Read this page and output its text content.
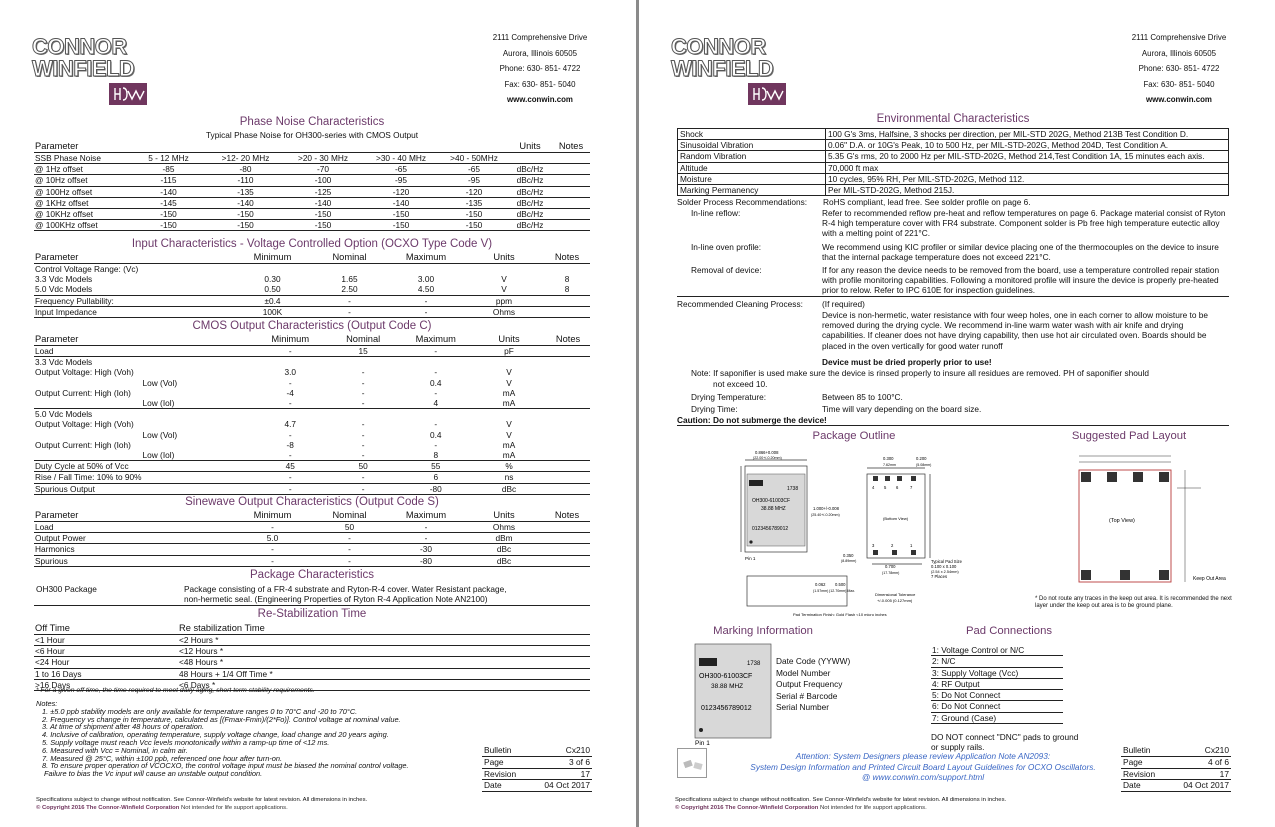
CONNOR
WINFIELD
2111 Comprehensive Drive
Aurora, Illinois 60505
Phone: 630- 851- 4722
Fax: 630- 851- 5040
www.conwin.com
Phase Noise Characteristics
Typical Phase Noise for OH300-series with CMOS Output
Parameter						Units	Notes
SSB Phase Noise	5 - 12 MHz	>12- 20 MHz	>20 - 30 MHz	>30 - 40 MHz	>40 - 50MHz		
@ 1Hz offset	-85	-80	-70	-65	-65	dBc/Hz	
@ 10Hz offset	-115	-110	-100	-95	-95	dBc/Hz	
@ 100Hz offset	-140	-135	-125	-120	-120	dBc/Hz	
@ 1KHz offset	-145	-140	-140	-140	-135	dBc/Hz	
@ 10KHz offset	-150	-150	-150	-150	-150	dBc/Hz	
@ 100KHz offset	-150	-150	-150	-150	-150	dBc/Hz	
Input Characteristics - Voltage Controlled Option (OCXO Type Code V)
Parameter	Minimum	Nominal	Maximum	Units	Notes
Control Voltage Range: (Vc)					
3.3 Vdc Models	0.30	1.65	3.00	V	8
5.0 Vdc Models	0.50	2.50	4.50	V	8
Frequency Pullability:	±0.4	-	-	ppm	
Input Impedance	100K	-	-	Ohms	
CMOS Output Characteristics (Output Code C)
Parameter		Minimum	Nominal	Maximum	Units	Notes
Load		-	15	-	pF	
3.3 Vdc Models						
Output Voltage: High (Voh)		3.0	-	-	V	
	Low (Vol)	-	-	0.4	V	
Output Current: High (Ioh)		-4	-	-	mA	
	Low (Iol)	-	-	4	mA	
5.0 Vdc Models						
Output Voltage: High (Voh)		4.7	-	-	V	
	Low (Vol)	-	-	0.4	V	
Output Current: High (Ioh)		-8	-	-	mA	
	Low (Iol)	-	-	8	mA	
Duty Cycle at 50% of Vcc		45	50	55	%	
Rise / Fall Time: 10% to 90%		-	-	6	ns	
Spurious Output		-	-	-80	dBc	
Sinewave Output Characteristics (Output Code S)
Parameter	Minimum	Nominal	Maximum	Units	Notes
Load	-	50	-	Ohms	
Output Power	5.0	-	-	dBm	
Harmonics	-	-	-30	dBc	
Spurious	-	-	-80	dBc	
Package Characteristics
OH300 Package	Package consisting of a FR-4 substrate and Ryton-R-4 cover. Water Resistant package,
non-hermetic seal. (Engineering Properties of Ryton R-4 Application Note AN2100)
Re-Stabilization Time
Off Time	Re stabilization Time
<1 Hour	<2 Hours *
<6 Hour	<12 Hours *
<24 Hour	<48 Hours *
1 to 16 Days	48 Hours + 1/4 Off Time *
>16 Days	<6 Days *
* For a given off time, the time required to meet daily aging, short term stability requirements.
Notes:
1. ±5.0 ppb stability models are only available for temperature ranges 0 to 70°C and -20 to 70°C.
2. Frequency vs change in temperature, calculated as [(Fmax-Fmin)/(2*Fo)]. Control voltage at nominal value.
3. At time of shipment after 48 hours of operation.
4. Inclusive of calibration, operating temperature, supply voltage change, load change and 20 years aging.
5. Supply voltage must reach Vcc levels monotonically within a ramp-up time of <12 ms.
6. Measured with Vcc = Nominal, in calm air.
7. Measured @ 25°C, within ±100 ppb, referenced one hour after turn-on.
8. To ensure proper operation of VCOCXO, the control voltage input must be biased the nominal control voltage.
Failure to bias the Vc input will cause an unstable output condition.
Bulletin	Cx210
Page	3 of 6
Revision	17
Date	04 Oct 2017
Specifications subject to change without notification. See Connor-Winfield's website for latest revision. All dimensions in inches.
© Copyright 2016 The Connor-Winfield Corporation Not intended for life support applications.
CONNOR
WINFIELD
2111 Comprehensive Drive
Aurora, Illinois 60505
Phone: 630- 851- 4722
Fax: 630- 851- 5040
www.conwin.com
Environmental Characteristics
Shock	100 G's 3ms, Halfsine, 3 shocks per direction, per MIL-STD 202G, Method 213B Test Condition D.
Sinusoidal Vibration	0.06" D.A. or 10G's Peak, 10 to 500 Hz, per MIL-STD-202G, Method 204D, Test Condition A.
Random Vibration	5.35 G's rms, 20 to 2000 Hz per MIL-STD-202G, Method 214,Test Condition 1A, 15 minutes each axis.
Altitude	70,000 ft max
Moisture	10 cycles, 95% RH, Per MIL-STD-202G, Method 112.
Marking Permanency	Per MIL-STD-202G, Method 215J.
Solder Process Recommendations: RoHS compliant, lead free. See solder profile on page 6.
In-line reflow:	Refer to recommended reflow pre-heat and reflow temperatures on page 6. Package material consist of Ryton R-4 high temperature cover with FR4 substrate. Component solder is Pb free high temperature eutectic alloy with a melting point of 221°C.
In-line oven profile:	We recommend using KIC profiler or similar device placing one of the thermocouples on the device to insure that the internal package temperature does not exceed 221°C.
Removal of device:	If for any reason the device needs to be removed from the board, use a temperature controlled repair station with profile monitoring capabilities. Following a monitored profile will insure the device is properly pre-heated prior to relow. Refer to IPC 610E for inspection guidelines.
Recommended Cleaning Process: (If required)
Device is non-hermetic, water resistance with four weep holes, one in each corner to allow moisture to be removed during the drying cycle. We recommend in-line warm water wash with air knife and drying capabilities. If cleaner does not have drying capability, then use hot air circulated oven. Boards should be placed in the oven vertically for good water runoff
Device must be dried properly prior to use!
Note: If saponifier is used make sure the device is rinsed properly to insure all residues are removed. PH of saponifier should
not exceed 10.
Drying Temperature:	Between 85 to 100°C.
Drying Time:	Time will vary depending on the board size.
Caution: Do not submerge the device!
Package Outline
0.866+0.008
(22.00+/-0.20mm)	0.300
7.62mm
0.200
(5.08mm)
1.000+/-0.008
(25.40+/-0.20mm)
(Bottom View)
4 5 6	7
3	2	1
Pin 1
0.350
(8.89mm)
0.700
(17.78mm)
Typical Pad Size
0.100 x 0.100
(2.54 x 2.54mm)
7 Places
0.062
(1.57mm)
0.500
(12.70mm) Max.
Dimensional Tolerance
+/-0.005 (0.127mm)
Pad Termination Finish: Gold Flash <10 micro inches
1738
OH300-61003CF
38.88 MHZ
0123456789012
Suggested Pad Layout
(Top View)
Keep Out Area
* Do not route any traces in the keep out area. It is recommended the next layer under the keep out area is to be ground plane.
Marking Information
1738
OH300-61003CF
38.88 MHZ
0123456789012
Pin 1
Date Code (YYWW)
Model Number
Output Frequency
Serial # Barcode
Serial Number
Pad Connections
1: Voltage Control or N/C
2: N/C
3: Supply Voltage (Vcc)
4: RF Output
5: Do Not Connect
6: Do Not Connect
7: Ground (Case)
DO NOT connect "DNC" pads to ground
or supply rails.
Attention: System Designers please review Application Note AN2093:
System Design Information and Printed Circuit Board Layout Guidelines for OCXO Oscillators.
@ www.conwin.com/support.html
Bulletin	Cx210
Page	4 of 6
Revision	17
Date	04 Oct 2017
Specifications subject to change without notification. See Connor-Winfield's website for latest revision. All dimensions in inches.
© Copyright 2016 The Connor-Winfield Corporation Not intended for life support applications.
